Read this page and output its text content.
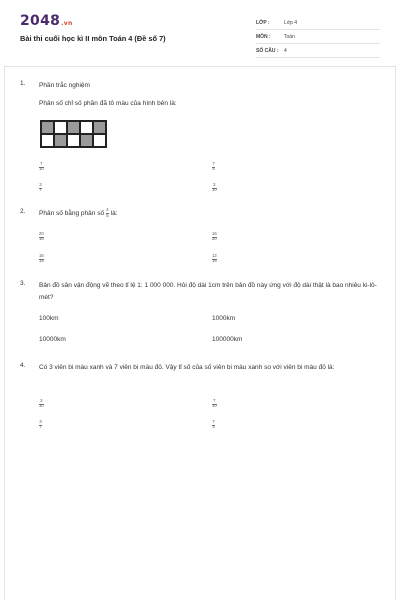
2048.vn
Bài thi cuối học kì II môn Toán 4 (Đề số 7)
LỚP :	Lớp 4
MÔN :	Toán
SỐ CÂU : 4
1. Phần trắc nghiệm
Phân số chỉ số phần đã tô màu của hình bên là:
$\frac{7}{10}$	$\frac{7}{5}$
$\frac{3}{7}$	$\frac{3}{10}$
2. Phân số bằng phân số $\frac{4}{5}$ là:
$\frac{20}{16}$	$\frac{16}{20}$
$\frac{16}{15}$	$\frac{12}{16}$
3. Bản đồ sân vận động vẽ theo tỉ lệ 1: 1 000 000. Hỏi độ dài 1cm trên bản đồ này ứng với độ dài thật là bao nhiêu ki-lô-mét?
100km	1000km
10000km	100000km
4. Có 3 viên bi màu xanh và 7 viên bi màu đỏ. Vậy tỉ số của số viên bi màu xanh so với viên bi màu đỏ là:
$\frac{3}{10}$	$\frac{7}{10}$
$\frac{3}{7}$	$\frac{7}{3}$
